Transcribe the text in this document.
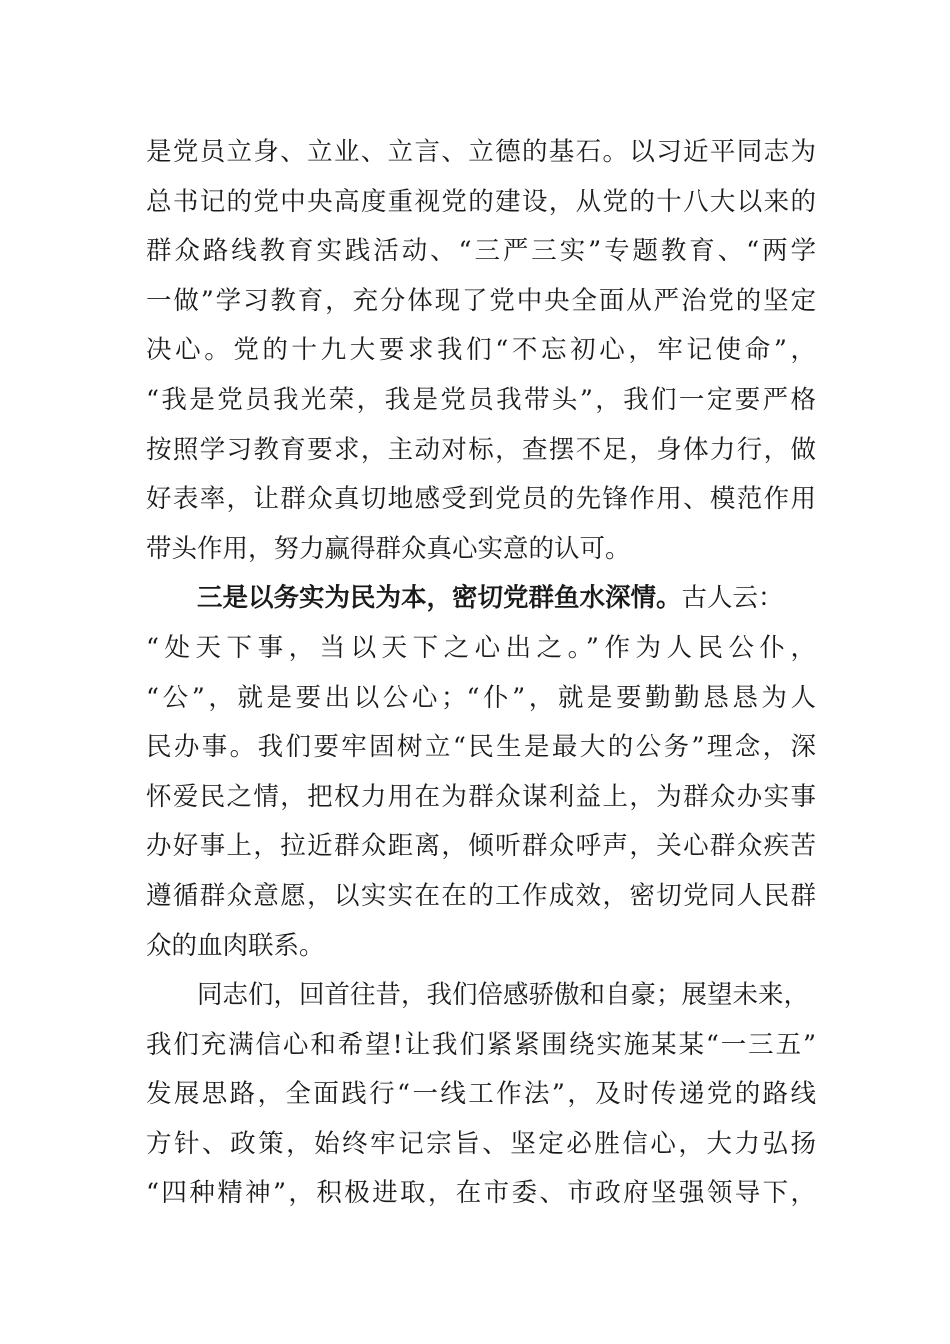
是党员立身、立业、立言、立德的基石。以习近平同志为
总书记的党中央高度重视党的建设，从党的十八大以来的
群众路线教育实践活动、“三严三实”专题教育、“两学
一做”学习教育，充分体现了党中央全面从严治党的坚定
决心。党的十九大要求我们“不忘初心，牢记使命”，
“我是党员我光荣，我是党员我带头”，我们一定要严格
按照学习教育要求，主动对标，查摆不足，身体力行，做
好表率，让群众真切地感受到党员的先锋作用、模范作用
带头作用，努力赢得群众真心实意的认可。
三是以务实为民为本，密切党群鱼水深情。古人云：
“处天下事，当以天下之心出之。”作为人民公仆，
“公”，就是要出以公心；“仆”，就是要勤勤恳恳为人
民办事。我们要牢固树立“民生是最大的公务”理念，深
怀爱民之情，把权力用在为群众谋利益上，为群众办实事
办好事上，拉近群众距离，倾听群众呼声，关心群众疾苦
遵循群众意愿，以实实在在的工作成效，密切党同人民群
众的血肉联系。
同志们，回首往昔，我们倍感骄傲和自豪；展望未来，
我们充满信心和希望!让我们紧紧围绕实施某某“一三五”
发展思路，全面践行“一线工作法”，及时传递党的路线
方针、政策，始终牢记宗旨、坚定必胜信心，大力弘扬
“四种精神”，积极进取，在市委、市政府坚强领导下，
